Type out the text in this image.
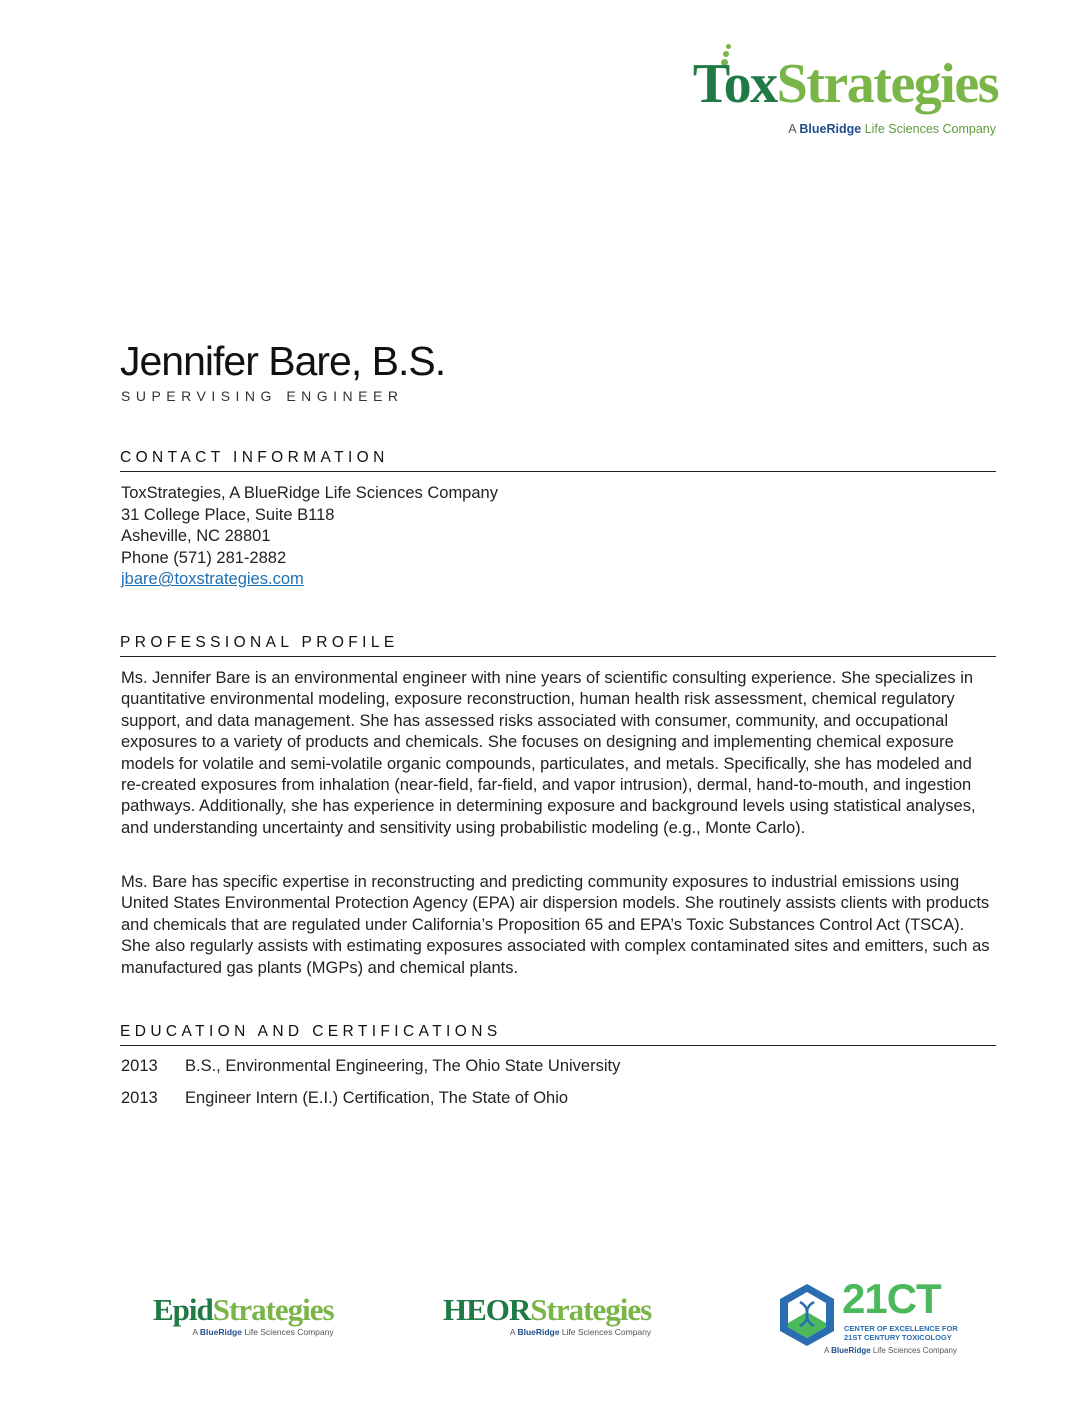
ToxStrategies
A BlueRidge Life Sciences Company
Jennifer Bare, B.S.
SUPERVISING ENGINEER
CONTACT INFORMATION
ToxStrategies, A BlueRidge Life Sciences Company
31 College Place, Suite B118
Asheville, NC 28801
Phone (571) 281-2882
jbare@toxstrategies.com
PROFESSIONAL PROFILE

Ms. Jennifer Bare is an environmental engineer with nine years of scientific consulting experience. She specializes in quantitative environmental modeling, exposure reconstruction, human health risk assessment, chemical regulatory support, and data management. She has assessed risks associated with consumer, community, and occupational exposures to a variety of products and chemicals. She focuses on designing and implementing chemical exposure models for volatile and semi-volatile organic compounds, particulates, and metals. Specifically, she has modeled and re-created exposures from inhalation (near-field, far-field, and vapor intrusion), dermal, hand-to-mouth, and ingestion pathways. Additionally, she has experience in determining exposure and background levels using statistical analyses, and understanding uncertainty and sensitivity using probabilistic modeling (e.g., Monte Carlo).

Ms. Bare has specific expertise in reconstructing and predicting community exposures to industrial emissions using United States Environmental Protection Agency (EPA) air dispersion models. She routinely assists clients with products and chemicals that are regulated under California’s Proposition 65 and EPA’s Toxic Substances Control Act (TSCA). She also regularly assists with estimating exposures associated with complex contaminated sites and emitters, such as manufactured gas plants (MGPs) and chemical plants.

EDUCATION AND CERTIFICATIONS
2013 B.S., Environmental Engineering, The Ohio State University
2013 Engineer Intern (E.I.) Certification, The State of Ohio
EpidStrategies
A BlueRidge Life Sciences Company
HEORStrategies
A BlueRidge Life Sciences Company
21CT
CENTER OF EXCELLENCE FOR
21ST CENTURY TOXICOLOGY
A BlueRidge Life Sciences Company
